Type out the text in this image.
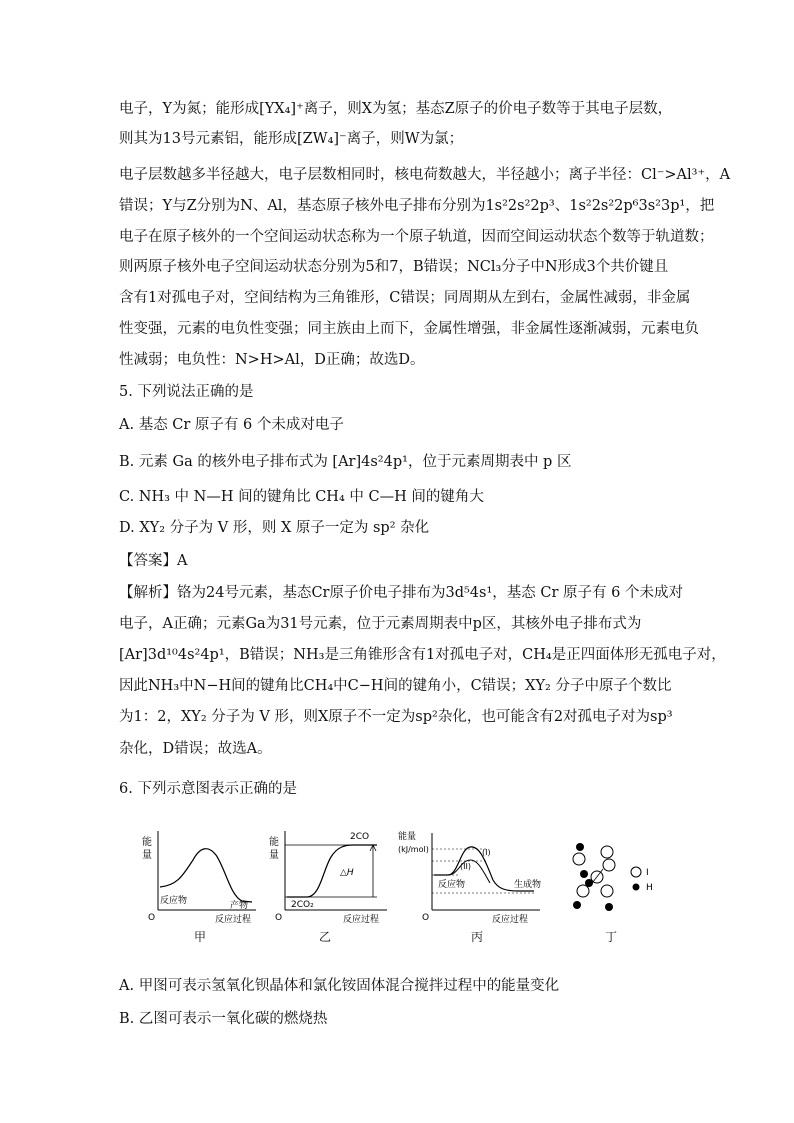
电子，Y为氮；能形成[YX₄]⁺离子，则X为氢；基态Z原子的价电子数等于其电子层数，
则其为13号元素铝，能形成[ZW₄]⁻离子，则W为氯；
电子层数越多半径越大，电子层数相同时，核电荷数越大，半径越小；离子半径：Cl⁻>Al³⁺，A
错误；Y与Z分别为N、Al，基态原子核外电子排布分别为1s²2s²2p³、1s²2s²2p⁶3s²3p¹，把
电子在原子核外的一个空间运动状态称为一个原子轨道，因而空间运动状态个数等于轨道数；
则两原子核外电子空间运动状态分别为5和7，B错误；NCl₃分子中N形成3个共价键且
含有1对孤电子对，空间结构为三角锥形，C错误；同周期从左到右，金属性减弱，非金属
性变强，元素的电负性变强；同主族由上而下，金属性增强，非金属性逐渐减弱，元素电负
性减弱；电负性：N>H>Al，D正确；故选D。
5. 下列说法正确的是
A. 基态 Cr 原子有 6 个未成对电子
B. 元素 Ga 的核外电子排布式为 [Ar]4s²4p¹，位于元素周期表中 p 区
C. NH₃ 中 N—H 间的键角比 CH₄ 中 C—H 间的键角大
D. XY₂ 分子为 V 形，则 X 原子一定为 sp² 杂化
【答案】A
【解析】铬为24号元素，基态Cr原子价电子排布为3d⁵4s¹，基态 Cr 原子有 6 个未成对
电子，A正确；元素Ga为31号元素，位于元素周期表中p区，其核外电子排布式为
[Ar]3d¹⁰4s²4p¹，B错误；NH₃是三角锥形含有1对孤电子对，CH₄是正四面体形无孤电子对，
因此NH₃中N−H间的键角比CH₄中C−H间的键角小，C错误；XY₂ 分子中原子个数比
为1：2，XY₂ 分子为 V 形，则X原子不一定为sp²杂化，也可能含有2对孤电子对为sp³
杂化，D错误；故选A。
6. 下列示意图表示正确的是
能
量
O
反应物	产物
反应过程
甲
能
量
2CO
2CO₂
△H
O	反应过程
乙
能量
(kJ/mol)	(I)
(II)
反应物	生成物
O	反应过程
丙
I
H
丁
A. 甲图可表示氢氧化钡晶体和氯化铵固体混合搅拌过程中的能量变化
B. 乙图可表示一氧化碳的燃烧热
